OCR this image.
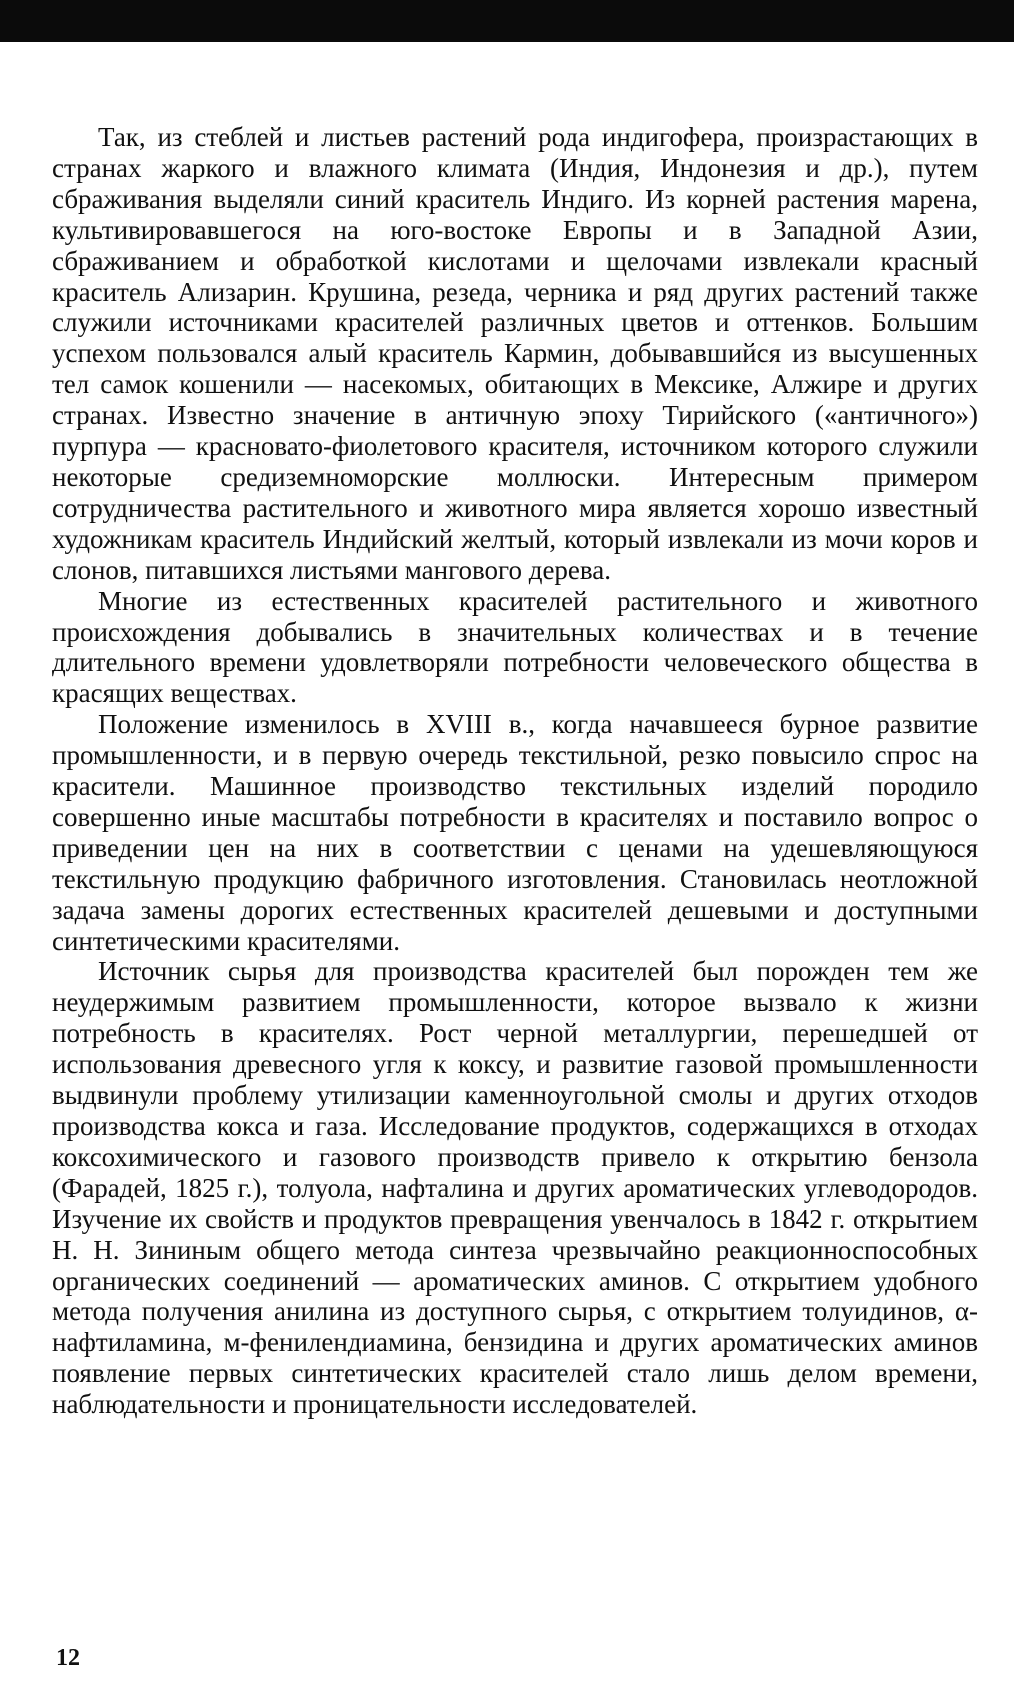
Так, из стеблей и листьев растений рода индигофера, произрастающих в странах жаркого и влажного климата (Индия, Индонезия и др.), путем сбраживания выделяли синий краситель Индиго. Из корней растения марена, культивировавшегося на юго-востоке Европы и в Западной Азии, сбраживанием и обработкой кислотами и щелочами извлекали красный краситель Ализарин. Крушина, резеда, черника и ряд других растений также служили источниками красителей различных цветов и оттенков. Большим успехом пользовался алый краситель Кармин, добывавшийся из высушенных тел самок кошенили — насекомых, обитающих в Мексике, Алжире и других странах. Известно значение в античную эпоху Тирийского («античного») пурпура — красновато-фиолетового красителя, источником которого служили некоторые средиземноморские моллюски. Интересным примером сотрудничества растительного и животного мира является хорошо известный художникам краситель Индийский желтый, который извлекали из мочи коров и слонов, питавшихся листьями мангового дерева.

Многие из естественных красителей растительного и животного происхождения добывались в значительных количествах и в течение длительного времени удовлетворяли потребности человеческого общества в красящих веществах.

Положение изменилось в XVIII в., когда начавшееся бурное развитие промышленности, и в первую очередь текстильной, резко повысило спрос на красители. Машинное производство текстильных изделий породило совершенно иные масштабы потребности в красителях и поставило вопрос о приведении цен на них в соответствии с ценами на удешевляющуюся текстильную продукцию фабричного изготовления. Становилась неотложной задача замены дорогих естественных красителей дешевыми и доступными синтетическими красителями.

Источник сырья для производства красителей был порожден тем же неудержимым развитием промышленности, которое вызвало к жизни потребность в красителях. Рост черной металлургии, перешедшей от использования древесного угля к коксу, и развитие газовой промышленности выдвинули проблему утилизации каменноугольной смолы и других отходов производства кокса и газа. Исследование продуктов, содержащихся в отходах коксохимического и газового производств привело к открытию бензола (Фарадей, 1825 г.), толуола, нафталина и других ароматических углеводородов. Изучение их свойств и продуктов превращения увенчалось в 1842 г. открытием Н. Н. Зининым общего метода синтеза чрезвычайно реакционноспособных органических соединений — ароматических аминов. С открытием удобного метода получения анилина из доступного сырья, с открытием толуидинов, α-нафтиламина, м-фенилендиамина, бензидина и других ароматических аминов появление первых синтетических красителей стало лишь делом времени, наблюдательности и проницательности исследователей.

12
